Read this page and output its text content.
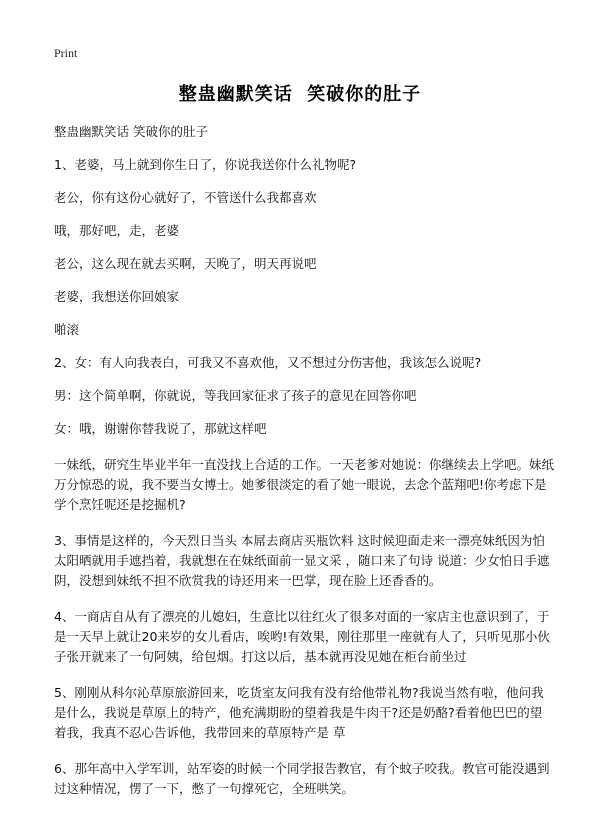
Print
整蛊幽默笑话  笑破你的肚子

整蛊幽默笑话 笑破你的肚子

1、老婆，马上就到你生日了，你说我送你什么礼物呢?

老公，你有这份心就好了，不管送什么我都喜欢

哦，那好吧，走，老婆

老公，这么现在就去买啊，天晚了，明天再说吧

老婆，我想送你回娘家

啪滚

2、女：有人向我表白，可我又不喜欢他，又不想过分伤害他，我该怎么说呢?

男：这个简单啊，你就说，等我回家征求了孩子的意见在回答你吧

女：哦，谢谢你替我说了，那就这样吧

一妹纸，研究生毕业半年一直没找上合适的工作。一天老爹对她说：你继续去上学吧。妹纸万分惊恐的说，我不要当女博士。她爹很淡定的看了她一眼说，去念个蓝翔吧!你考虑下是学个烹饪呢还是挖掘机?

3、事情是这样的，今天烈日当头 本屌去商店买瓶饮料 这时候迎面走来一漂亮妹纸因为怕太阳晒就用手遮挡着，我就想在在妹纸面前一显文采 ，随口来了句诗 说道：少女怕日手遮阴，没想到妹纸不担不欣赏我的诗还用来一巴掌，现在脸上还香香的。

4、一商店自从有了漂亮的儿媳妇，生意比以往红火了很多对面的一家店主也意识到了，于是一天早上就让20来岁的女儿看店，唉哟!有效果，刚往那里一座就有人了，只听见那小伙子张开就来了一句阿姨，给包烟。打这以后，基本就再没见她在柜台前坐过

5、刚刚从科尔沁草原旅游回来，吃货室友问我有没有给他带礼物?我说当然有啦，他问我是什么，我说是草原上的特产，他充满期盼的望着我是牛肉干?还是奶酪?看着他巴巴的望着我，我真不忍心告诉他，我带回来的草原特产是 草

6、那年高中入学军训，站军姿的时候一个同学报告教官，有个蚊子咬我。教官可能没遇到过这种情况，愣了一下，憋了一句撑死它，全班哄笑。
